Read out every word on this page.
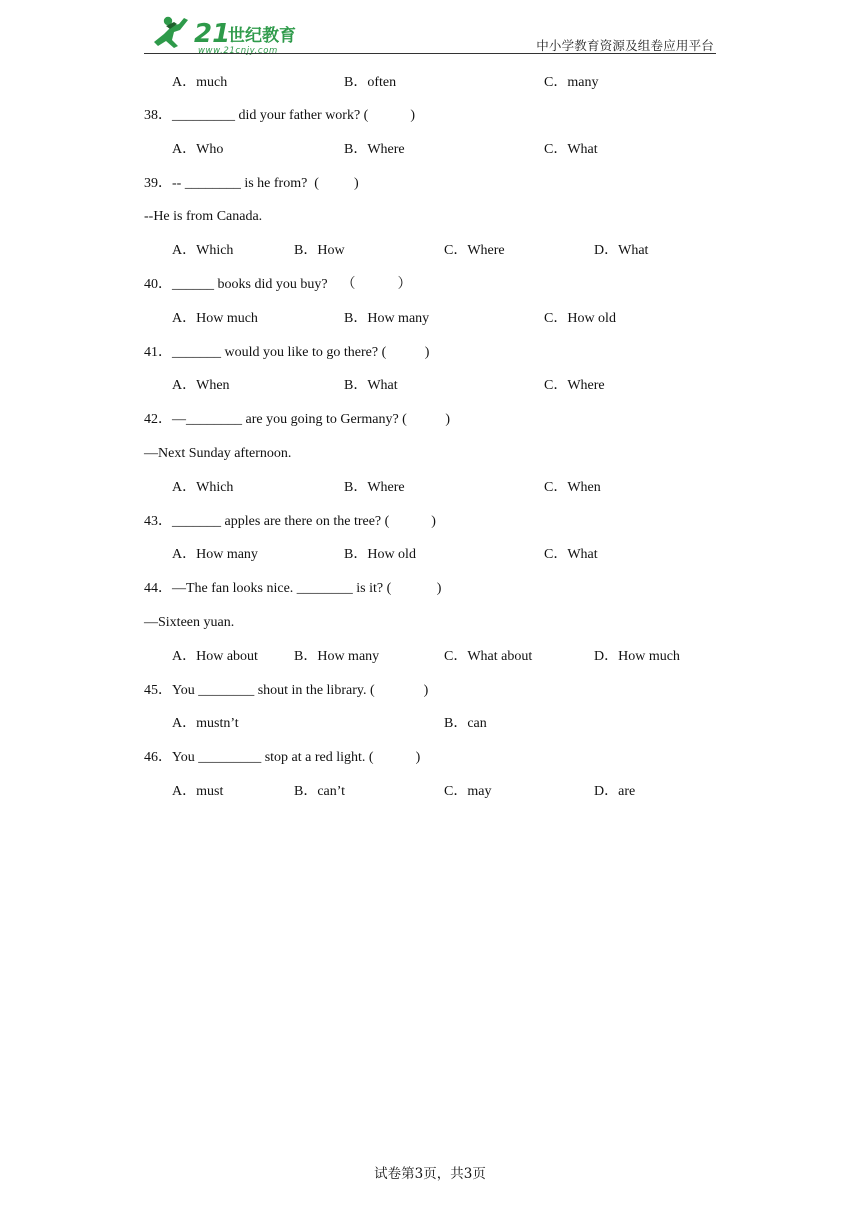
21
世纪教育
www.21cnjy.com	中小学教育资源及组卷应用平台
A．much	B．often	C．many
38．_________ did your father work? (            )
A．Who	B．Where	C．What
39．-- ________ is he from?  (          )
--He is from Canada.
A．Which	B．How	C．Where	D．What
40．______ books did you buy?    （            ）
A．How much	B．How many	C．How old
41．_______ would you like to go there? (           )
A．When	B．What	C．Where
42．—________ are you going to Germany? (           )
—Next Sunday afternoon.
A．Which	B．Where	C．When
43．_______ apples are there on the tree? (            )
A．How many	B．How old	C．What
44．—The fan looks nice. ________ is it? (             )
—Sixteen yuan.
A．How about	B．How many	C．What about	D．How much
45．You ________ shout in the library. (              )
A．mustn’t	B．can
46．You _________ stop at a red light. (            )
A．must	B．can’t	C．may	D．are
试卷第3页，共3页
